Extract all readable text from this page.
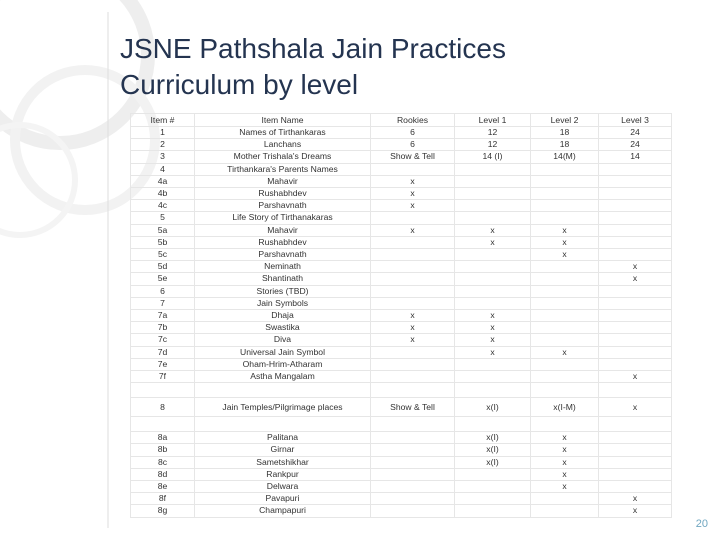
JSNE Pathshala Jain Practices
Curriculum by level
Item #	Item Name	Rookies	Level 1	Level 2	Level 3
1	Names of Tirthankaras	6	12	18	24
2	Lanchans	6	12	18	24
3	Mother Trishala's Dreams	Show & Tell	14 (I)	14(M)	14
4	Tirthankara's Parents Names				
4a	Mahavir	x			
4b	Rushabhdev	x			
4c	Parshavnath	x			
5	Life Story of Tirthanakaras				
5a	Mahavir	x	x	x	
5b	Rushabhdev		x	x	
5c	Parshavnath			x	
5d	Neminath				x
5e	Shantinath				x
6	Stories (TBD)				
7	Jain Symbols				
7a	Dhaja	x	x		
7b	Swastika	x	x		
7c	Diva	x	x		
7d	Universal Jain Symbol		x	x	
7e	Oham-Hrim-Atharam				
7f	Astha Mangalam				x

8	Jain Temples/Pilgrimage places	Show & Tell	x(I)	x(I-M)	x

8a	Palitana		x(I)	x	
8b	Girnar		x(I)	x	
8c	Sametshikhar		x(I)	x	
8d	Rankpur			x	
8e	Delwara			x	
8f	Pavapuri				x
8g	Champapuri				x
20
